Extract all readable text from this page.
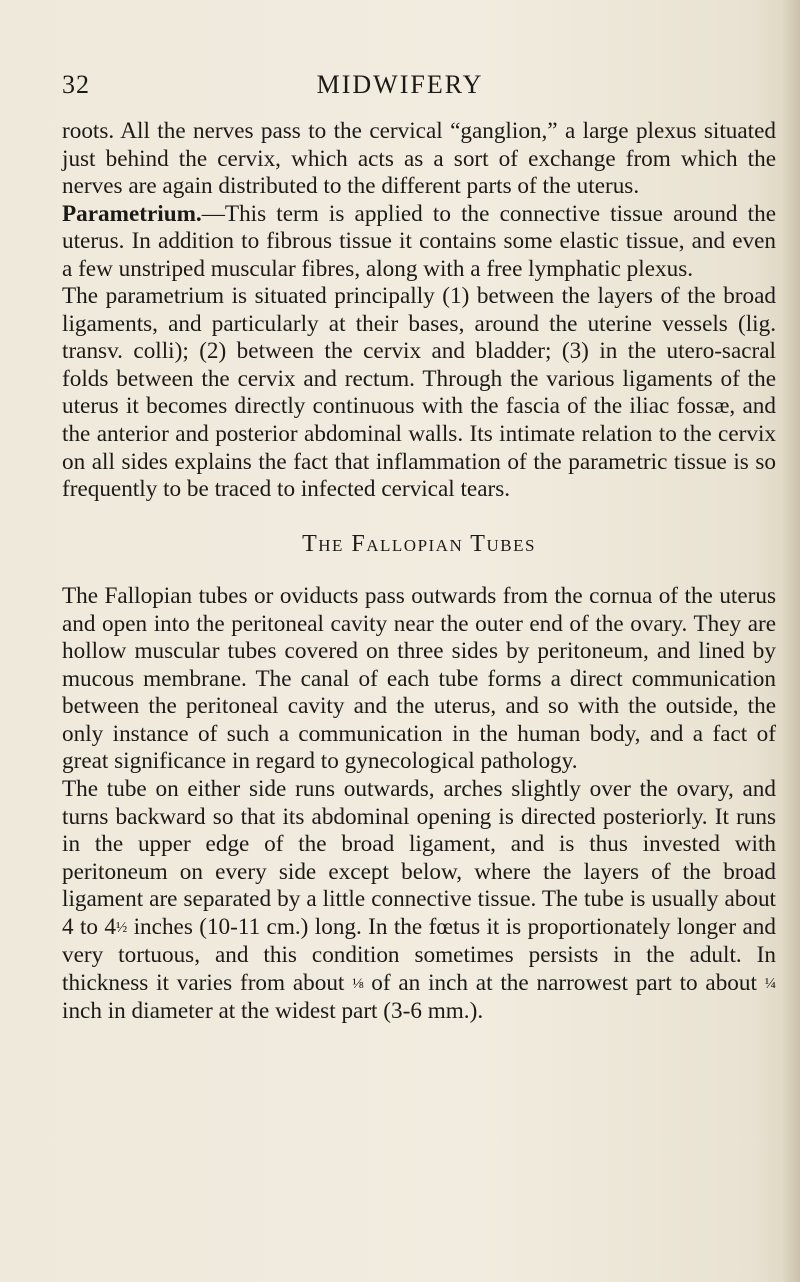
32	MIDWIFERY

roots. All the nerves pass to the cervical “ganglion,” a large plexus situated just behind the cervix, which acts as a sort of exchange from which the nerves are again distributed to the different parts of the uterus.

Parametrium.—This term is applied to the connective tissue around the uterus. In addition to fibrous tissue it contains some elastic tissue, and even a few unstriped muscular fibres, along with a free lymphatic plexus.

The parametrium is situated principally (1) between the layers of the broad ligaments, and particularly at their bases, around the uterine vessels (lig. transv. colli); (2) between the cervix and bladder; (3) in the utero-sacral folds between the cervix and rectum. Through the various ligaments of the uterus it becomes directly continuous with the fascia of the iliac fossæ, and the anterior and posterior abdominal walls. Its intimate relation to the cervix on all sides explains the fact that inflammation of the parametric tissue is so frequently to be traced to infected cervical tears.

The Fallopian Tubes

The Fallopian tubes or oviducts pass outwards from the cornua of the uterus and open into the peritoneal cavity near the outer end of the ovary. They are hollow muscular tubes covered on three sides by peritoneum, and lined by mucous membrane. The canal of each tube forms a direct communication between the peritoneal cavity and the uterus, and so with the outside, the only instance of such a communication in the human body, and a fact of great significance in regard to gynecological pathology.

The tube on either side runs outwards, arches slightly over the ovary, and turns backward so that its abdominal opening is directed posteriorly. It runs in the upper edge of the broad ligament, and is thus invested with peritoneum on every side except below, where the layers of the broad ligament are separated by a little connective tissue. The tube is usually about 4 to 4½ inches (10-11 cm.) long. In the fœtus it is proportionately longer and very tortuous, and this condition sometimes persists in the adult. In thickness it varies from about ⅛ of an inch at the narrowest part to about ¼ inch in diameter at the widest part (3-6 mm.).
